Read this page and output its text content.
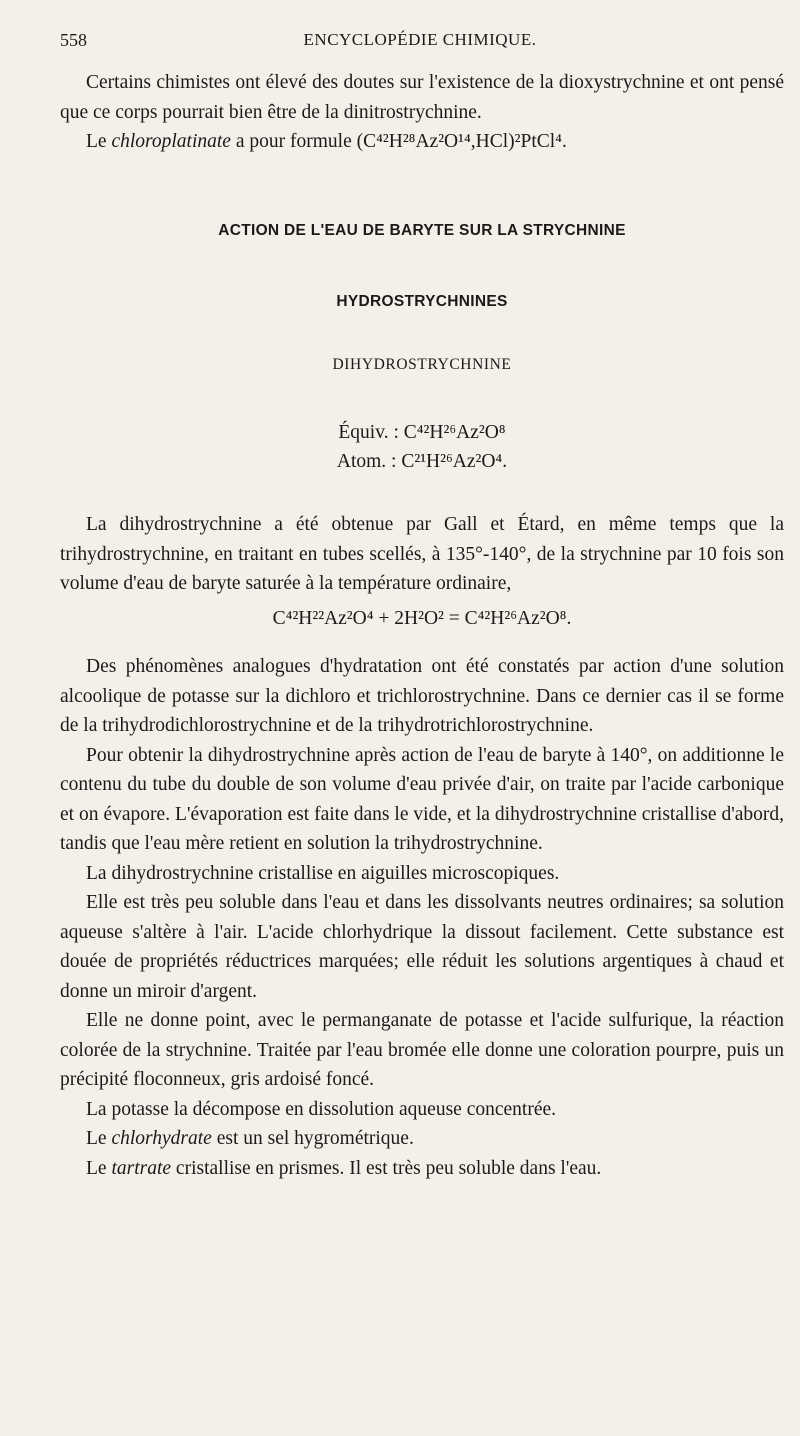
558	ENCYCLOPÉDIE CHIMIQUE.

Certains chimistes ont élevé des doutes sur l'existence de la dioxystrychnine et ont pensé que ce corps pourrait bien être de la dinitrostrychnine.

Le chloroplatinate a pour formule (C⁴²H²⁸Az²O¹⁴,HCl)²PtCl⁴.

ACTION DE L'EAU DE BARYTE SUR LA STRYCHNINE
HYDROSTRYCHNINES
DIHYDROSTRYCHNINE
Équiv. : C⁴²H²⁶Az²O⁸
Atom. : C²¹H²⁶Az²O⁴.

La dihydrostrychnine a été obtenue par Gall et Étard, en même temps que la trihydrostrychnine, en traitant en tubes scellés, à 135°-140°, de la strychnine par 10 fois son volume d'eau de baryte saturée à la température ordinaire,

C⁴²H²²Az²O⁴ + 2H²O² = C⁴²H²⁶Az²O⁸.

Des phénomènes analogues d'hydratation ont été constatés par action d'une solution alcoolique de potasse sur la dichloro et trichlorostrychnine. Dans ce dernier cas il se forme de la trihydrodichlorostrychnine et de la trihydrotrichlorostrychnine.

Pour obtenir la dihydrostrychnine après action de l'eau de baryte à 140°, on additionne le contenu du tube du double de son volume d'eau privée d'air, on traite par l'acide carbonique et on évapore. L'évaporation est faite dans le vide, et la dihydrostrychnine cristallise d'abord, tandis que l'eau mère retient en solution la trihydrostrychnine.

La dihydrostrychnine cristallise en aiguilles microscopiques.

Elle est très peu soluble dans l'eau et dans les dissolvants neutres ordinaires; sa solution aqueuse s'altère à l'air. L'acide chlorhydrique la dissout facilement. Cette substance est douée de propriétés réductrices marquées; elle réduit les solutions argentiques à chaud et donne un miroir d'argent.

Elle ne donne point, avec le permanganate de potasse et l'acide sulfurique, la réaction colorée de la strychnine. Traitée par l'eau bromée elle donne une coloration pourpre, puis un précipité floconneux, gris ardoisé foncé.

La potasse la décompose en dissolution aqueuse concentrée.

Le chlorhydrate est un sel hygrométrique.

Le tartrate cristallise en prismes. Il est très peu soluble dans l'eau.
